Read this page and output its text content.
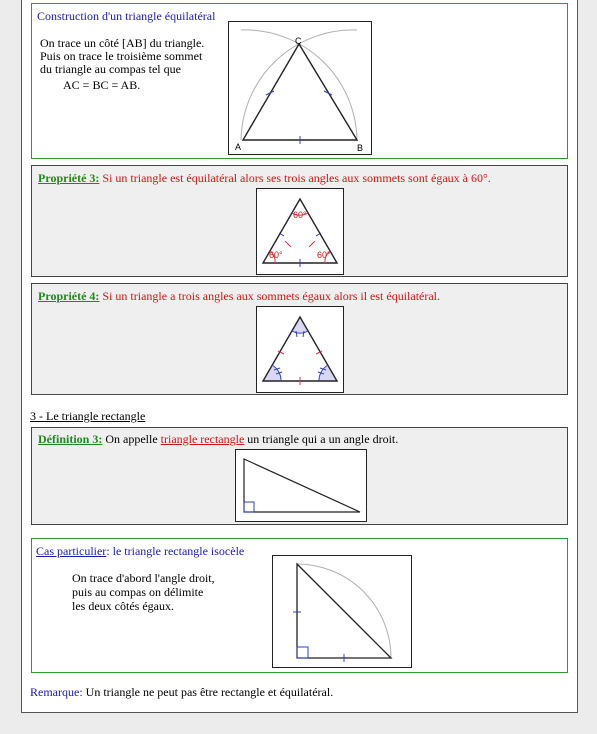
Construction d'un triangle équilatéral
On trace un côté [AB] du triangle.
Puis on trace le troisième sommet
du triangle au compas tel que
AC = BC = AB.
A	B
C
Propriété 3: Si un triangle est équilatéral alors ses trois angles aux sommets sont égaux à 60°.
60°
60°	60°
Propriété 4: Si un triangle a trois angles aux sommets égaux alors il est équilatéral.
3 - Le triangle rectangle
Définition 3: On appelle triangle rectangle un triangle qui a un angle droit.
Cas particulier: le triangle rectangle isocèle
On trace d'abord l'angle droit,
puis au compas on délimite
les deux côtés égaux.
Remarque: Un triangle ne peut pas être rectangle et équilatéral.
